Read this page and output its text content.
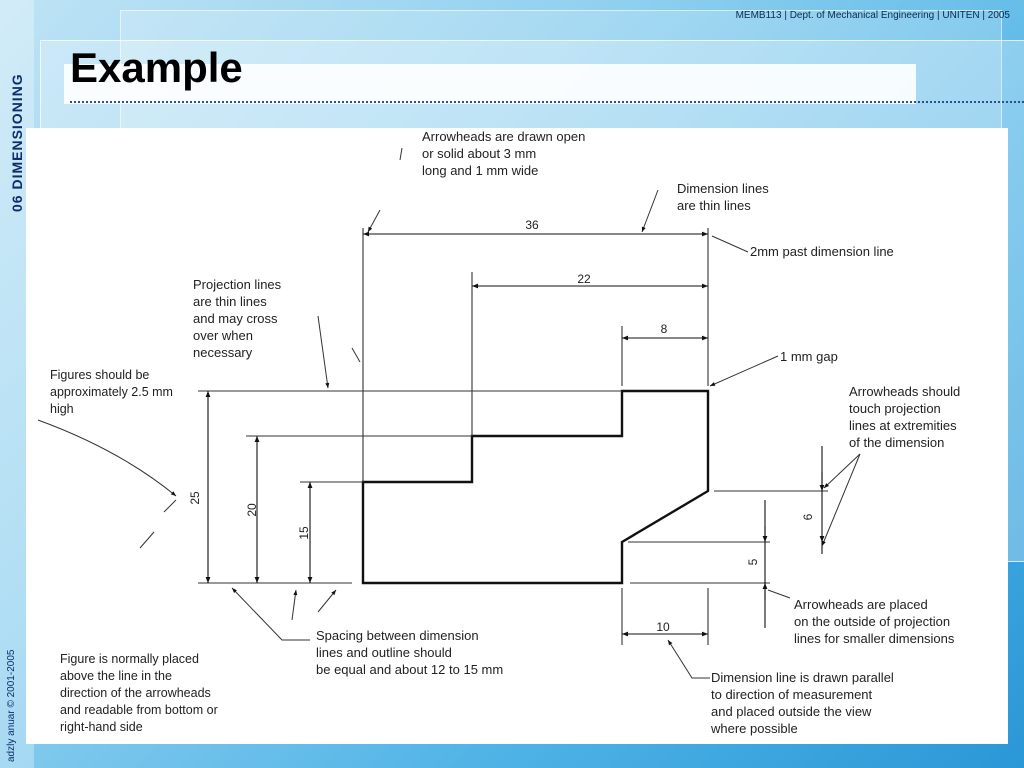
MEMB113 | Dept. of Mechanical Engineering | UNITEN | 2005
06 DIMENSIONING
adzly anuar © 2001-2005
Example
36
22
8
10
25
20
15
5
6
Arrowheads are drawn open or solid about 3 mm long and 1 mm wide
Dimension lines are thin lines
2mm past dimension line
Projection lines are thin lines and may cross over when necessary
Figures should be approximately 2.5 mm high
1 mm gap
Arrowheads should touch projection lines at extremities of the dimension
Arrowheads are placed on the outside of projection lines for smaller dimensions
Spacing between dimension lines and outline should be equal and about 12 to 15 mm
Figure is normally placed above the line in the direction of the arrowheads and readable from bottom or right-hand side
Dimension line is drawn parallel to direction of measurement and placed outside the view where possible
